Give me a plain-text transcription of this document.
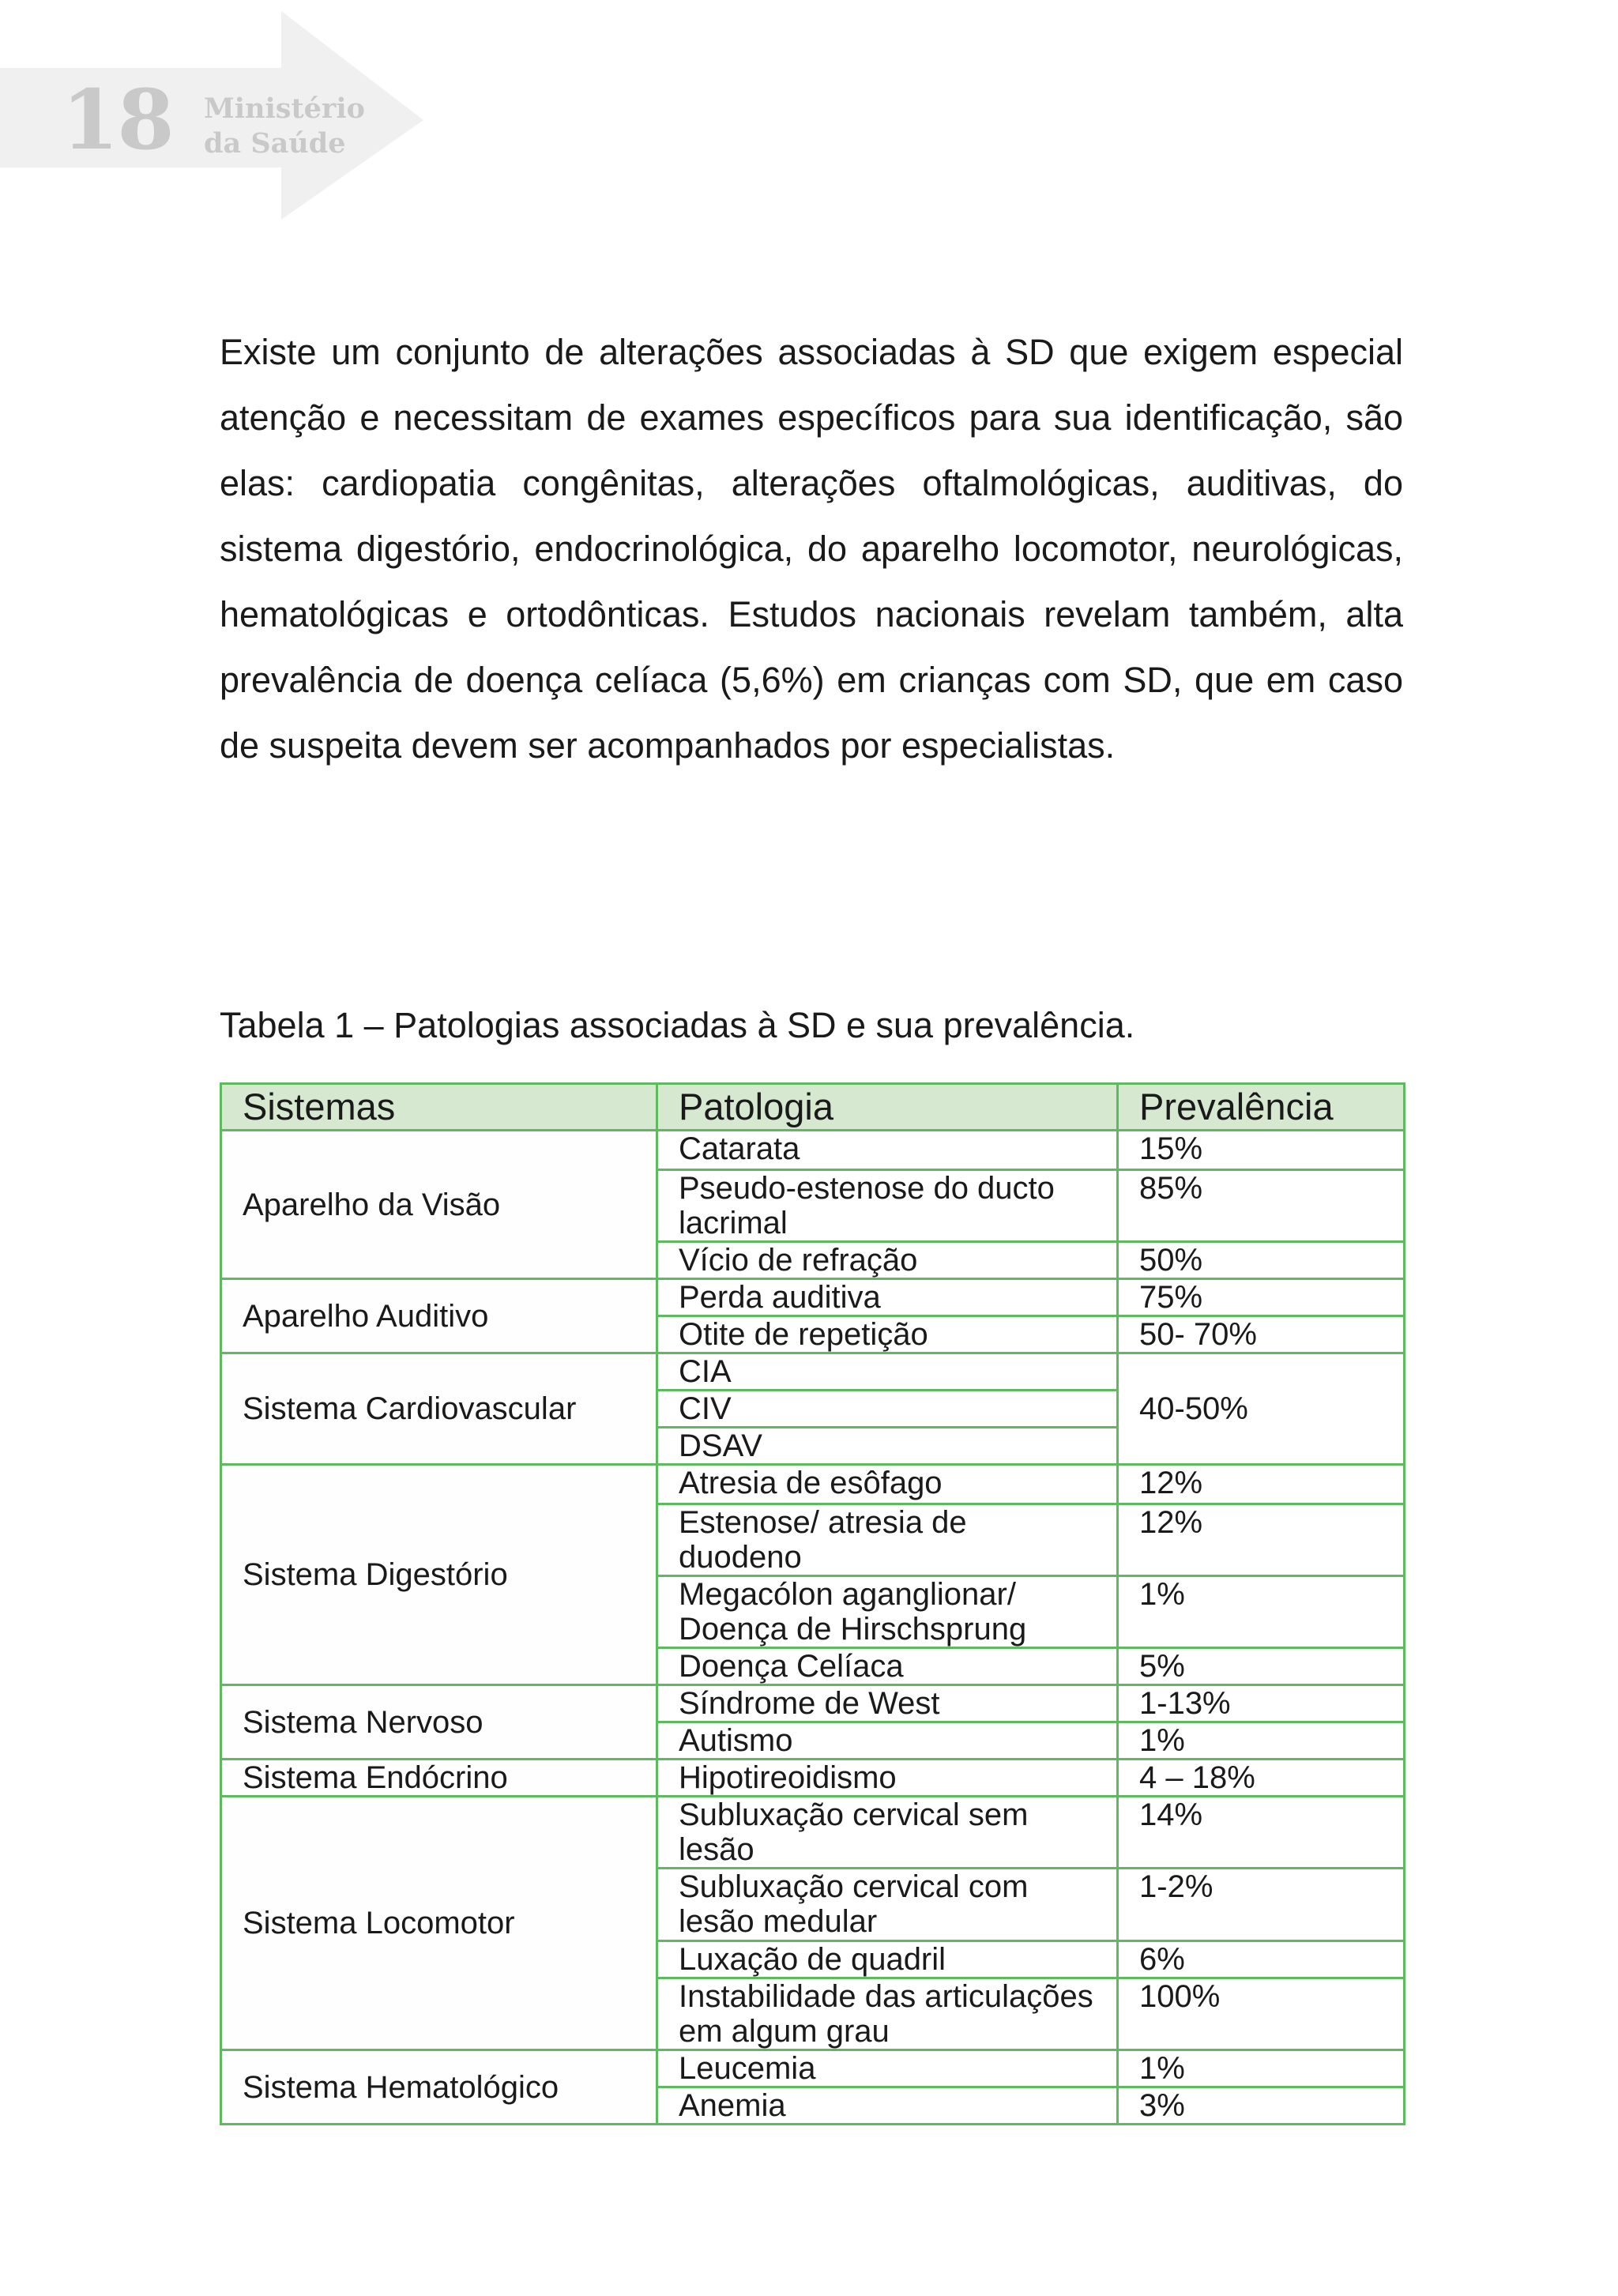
18 Ministério
da Saúde

Existe um conjunto de alterações associadas à SD que exigem especial atenção e necessitam de exames específicos para sua identificação, são elas: cardiopatia congênitas, alterações oftalmológicas, auditivas, do sistema digestório, endocrinológica, do aparelho locomotor, neurológicas, hematológicas e ortodônticas. Estudos nacionais revelam também, alta prevalência de doença celíaca (5,6%) em crianças com SD, que em caso de suspeita devem ser acompanhados por especialistas.

Tabela 1 – Patologias associadas à SD e sua prevalência.

Sistemas	Patologia	Prevalência
Aparelho da Visão	Catarata	15%
	Pseudo-estenose do ducto lacrimal	85%
	Vício de refração	50%
Aparelho Auditivo	Perda auditiva	75%
	Otite de repetição	50- 70%
Sistema Cardiovascular	CIA	40-50%
	CIV	
	DSAV	
Sistema Digestório	Atresia de esôfago	12%
	Estenose/ atresia de duodeno	12%
	Megacólon aganglionar/ Doença de Hirschsprung	1%
	Doença Celíaca	5%
Sistema Nervoso	Síndrome de West	1-13%
	Autismo	1%
Sistema Endócrino	Hipotireoidismo	4 – 18%
Sistema Locomotor	Subluxação cervical sem lesão	14%
	Subluxação cervical com lesão medular	1-2%
	Luxação de quadril	6%
	Instabilidade das articulações em algum grau	100%
Sistema Hematológico	Leucemia	1%
	Anemia	3%
